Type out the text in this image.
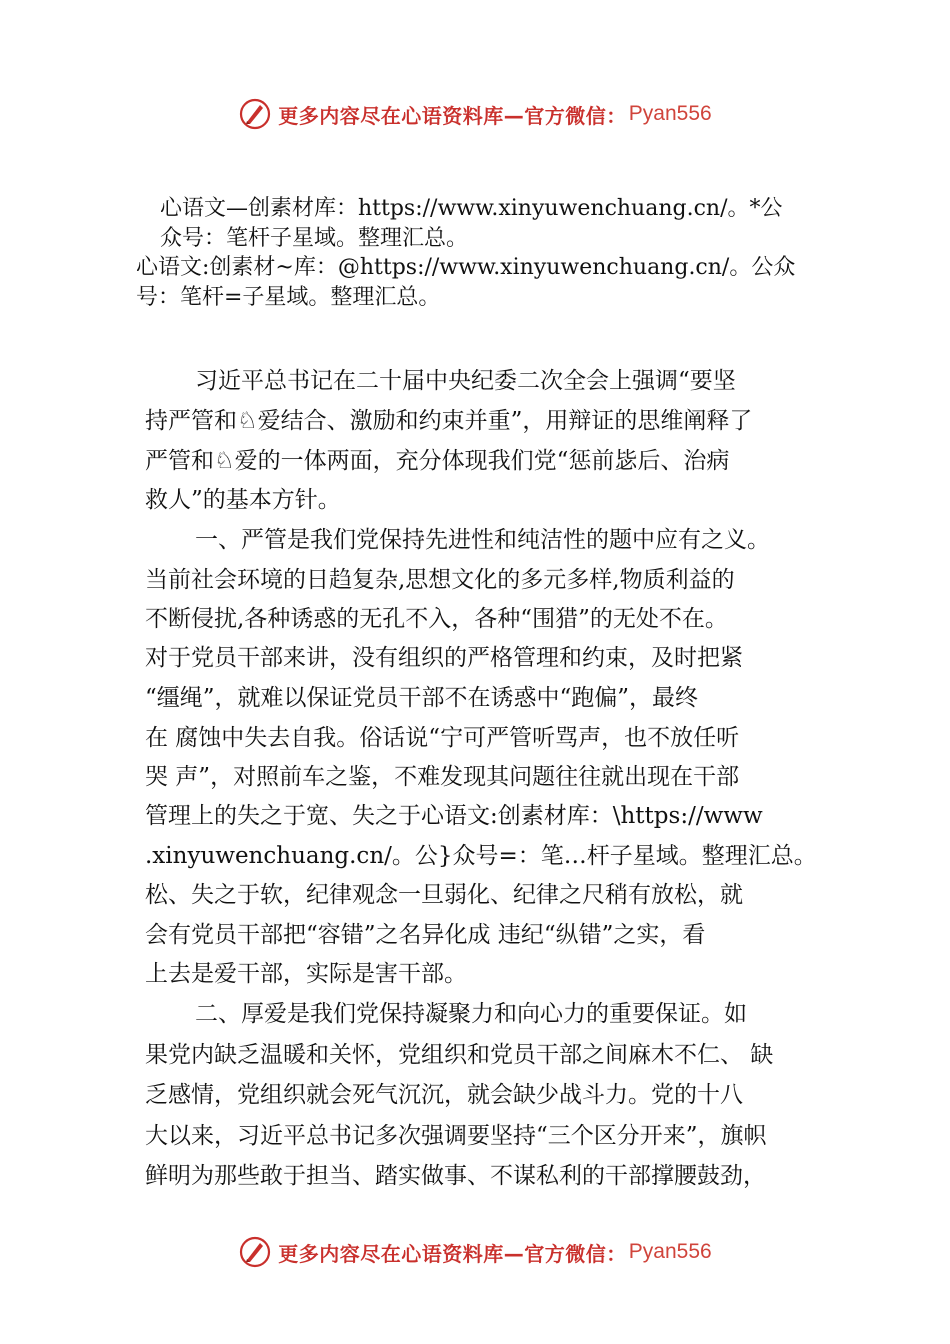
更多内容尽在心语资料库—官方微信： Pyan556
心语文—创素材库：https://www.xinyuwenchuang.cn/。*公
众号：笔杆子星域。整理汇总。
心语文:创素材~库：@https://www.xinyuwenchuang.cn/。公众
号：笔杆=子星域。整理汇总。
习近平总书记在二十届中央纪委二次全会上强调“要坚
持严管和♘爱结合、激励和约束并重”，用辩证的思维阐释了
严管和♘爱的一体两面，充分体现我们党“惩前毖后、治病
救人”的基本方针。
一、严管是我们党保持先进性和纯洁性的题中应有之义。
当前社会环境的日趋复杂,思想文化的多元多样,物质利益的
不断侵扰,各种诱惑的无孔不入，各种“围猎”的无处不在。
对于党员干部来讲，没有组织的严格管理和约束，及时把紧
“缰绳”，就难以保证党员干部不在诱惑中“跑偏”，最终
在 腐蚀中失去自我。俗话说“宁可严管听骂声，也不放任听
哭 声”，对照前车之鉴，不难发现其问题往往就出现在干部
管理上的失之于宽、失之于心语文:创素材库：\https://www
.xinyuwenchuang.cn/。公}众号=：笔…杆子星域。整理汇总。
松、失之于软，纪律观念一旦弱化、纪律之尺稍有放松，就
会有党员干部把“容错”之名异化成 违纪“纵错”之实，看
上去是爱干部，实际是害干部。
二、厚爱是我们党保持凝聚力和向心力的重要保证。如
果党内缺乏温暖和关怀，党组织和党员干部之间麻木不仁、 缺
乏感情，党组织就会死气沉沉，就会缺少战斗力。党的十八
大以来，习近平总书记多次强调要坚持“三个区分开来”，旗帜
鲜明为那些敢于担当、踏实做事、不谋私利的干部撑腰鼓劲，
更多内容尽在心语资料库—官方微信： Pyan556
